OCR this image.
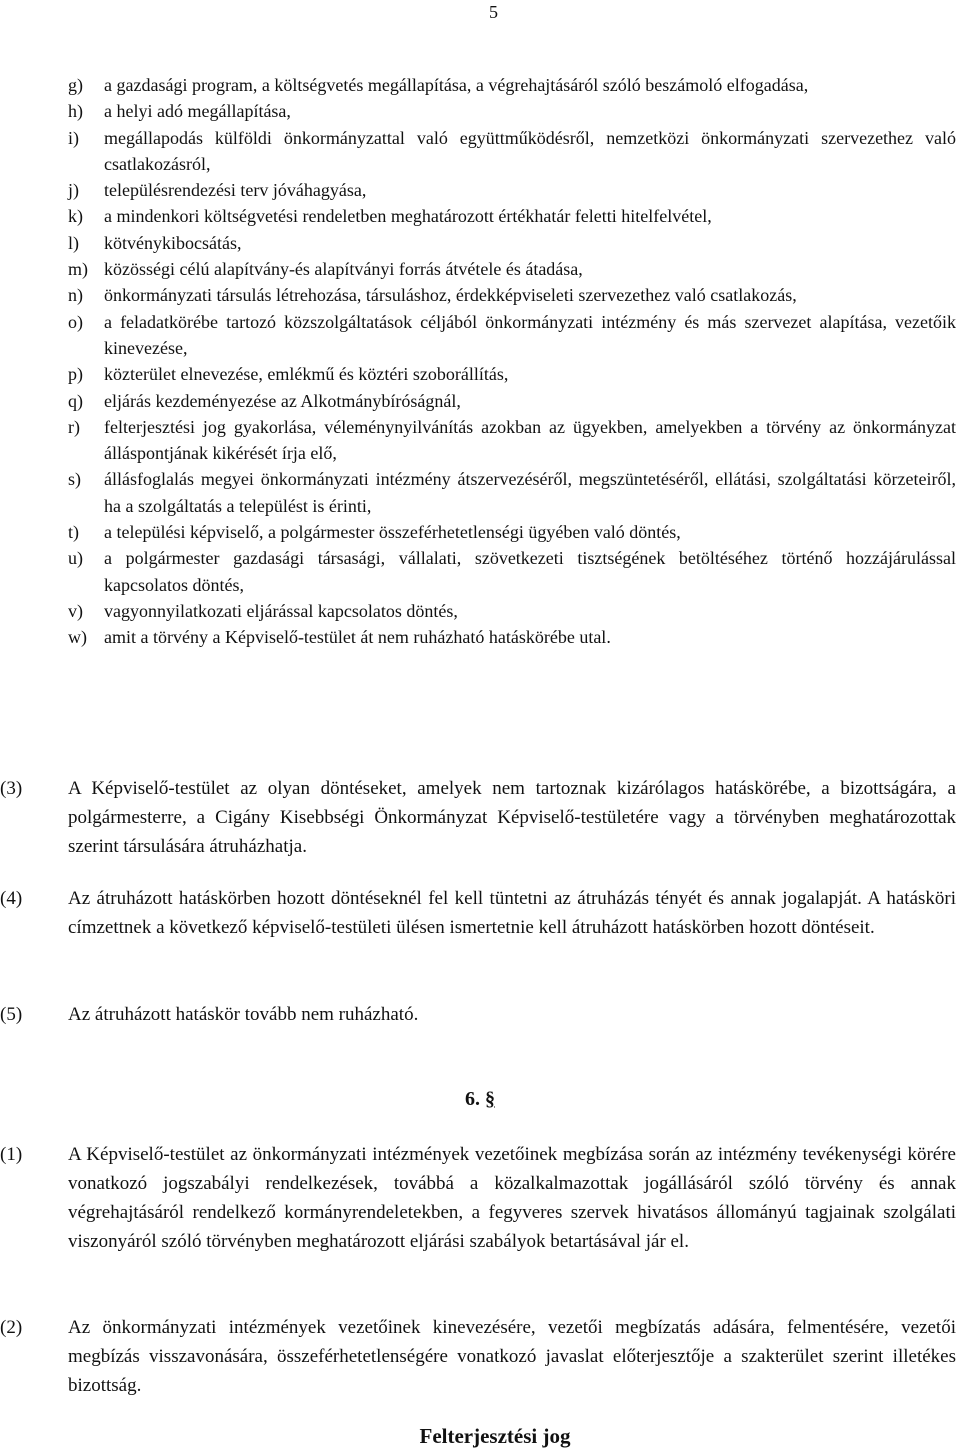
5
g)	a gazdasági program, a költségvetés megállapítása, a végrehajtásáról szóló beszámoló elfogadása,
h)	a helyi adó megállapítása,
i)	megállapodás külföldi önkormányzattal való együttműködésről, nemzetközi önkormányzati szervezethez való csatlakozásról,
j)	településrendezési terv jóváhagyása,
k)	a mindenkori költségvetési rendeletben meghatározott értékhatár feletti hitelfelvétel,
l)	kötvénykibocsátás,
m) közösségi célú alapítvány-és alapítványi forrás átvétele és átadása,
n)	önkormányzati társulás létrehozása, társuláshoz, érdekképviseleti szervezethez való csatlakozás,
o)	a feladatkörébe tartozó közszolgáltatások céljából önkormányzati intézmény és más szervezet alapítása, vezetőik kinevezése,
p)	közterület elnevezése, emlékmű és köztéri szoborállítás,
q)	eljárás kezdeményezése az Alkotmánybíróságnál,
r)	felterjesztési jog gyakorlása, véleménynyilvánítás azokban az ügyekben, amelyekben a törvény az önkormányzat álláspontjának kikérését írja elő,
s)	állásfoglalás megyei önkormányzati intézmény átszervezéséről, megszüntetéséről, ellátási, szolgáltatási körzeteiről, ha a szolgáltatás a települést is érinti,
t)	a települési képviselő, a polgármester összeférhetetlenségi ügyében való döntés,
u)	a polgármester gazdasági társasági, vállalati, szövetkezeti tisztségének betöltéséhez történő hozzájárulással kapcsolatos döntés,
v)	vagyonnyilatkozati eljárással kapcsolatos döntés,
w) amit a törvény a Képviselő-testület át nem ruházható hatáskörébe utal.
(3)	A Képviselő-testület az olyan döntéseket, amelyek nem tartoznak kizárólagos hatáskörébe, a bizottságára, a polgármesterre, a Cigány Kisebbségi Önkormányzat Képviselő-testületére vagy a törvényben meghatározottak szerint társulására átruházhatja.
(4)	Az átruházott hatáskörben hozott döntéseknél fel kell tüntetni az átruházás tényét és annak jogalapját. A hatásköri címzettnek a következő képviselő-testületi ülésen ismertetnie kell átruházott hatáskörben hozott döntéseit.
(5)	Az átruházott hatáskör tovább nem ruházható.
6. §
(1)	A Képviselő-testület az önkormányzati intézmények vezetőinek megbízása során az intézmény tevékenységi körére vonatkozó jogszabályi rendelkezések, továbbá a közalkalmazottak jogállásáról szóló törvény és annak végrehajtásáról rendelkező kormányrendeletekben, a fegyveres szervek hivatásos állományú tagjainak szolgálati viszonyáról szóló törvényben meghatározott eljárási szabályok betartásával jár el.
(2)	Az önkormányzati intézmények vezetőinek kinevezésére, vezetői megbízatás adására, felmentésére, vezetői megbízás visszavonására, összeférhetetlenségére vonatkozó javaslat előterjesztője a szakterület szerint illetékes bizottság.
Felterjesztési jog
